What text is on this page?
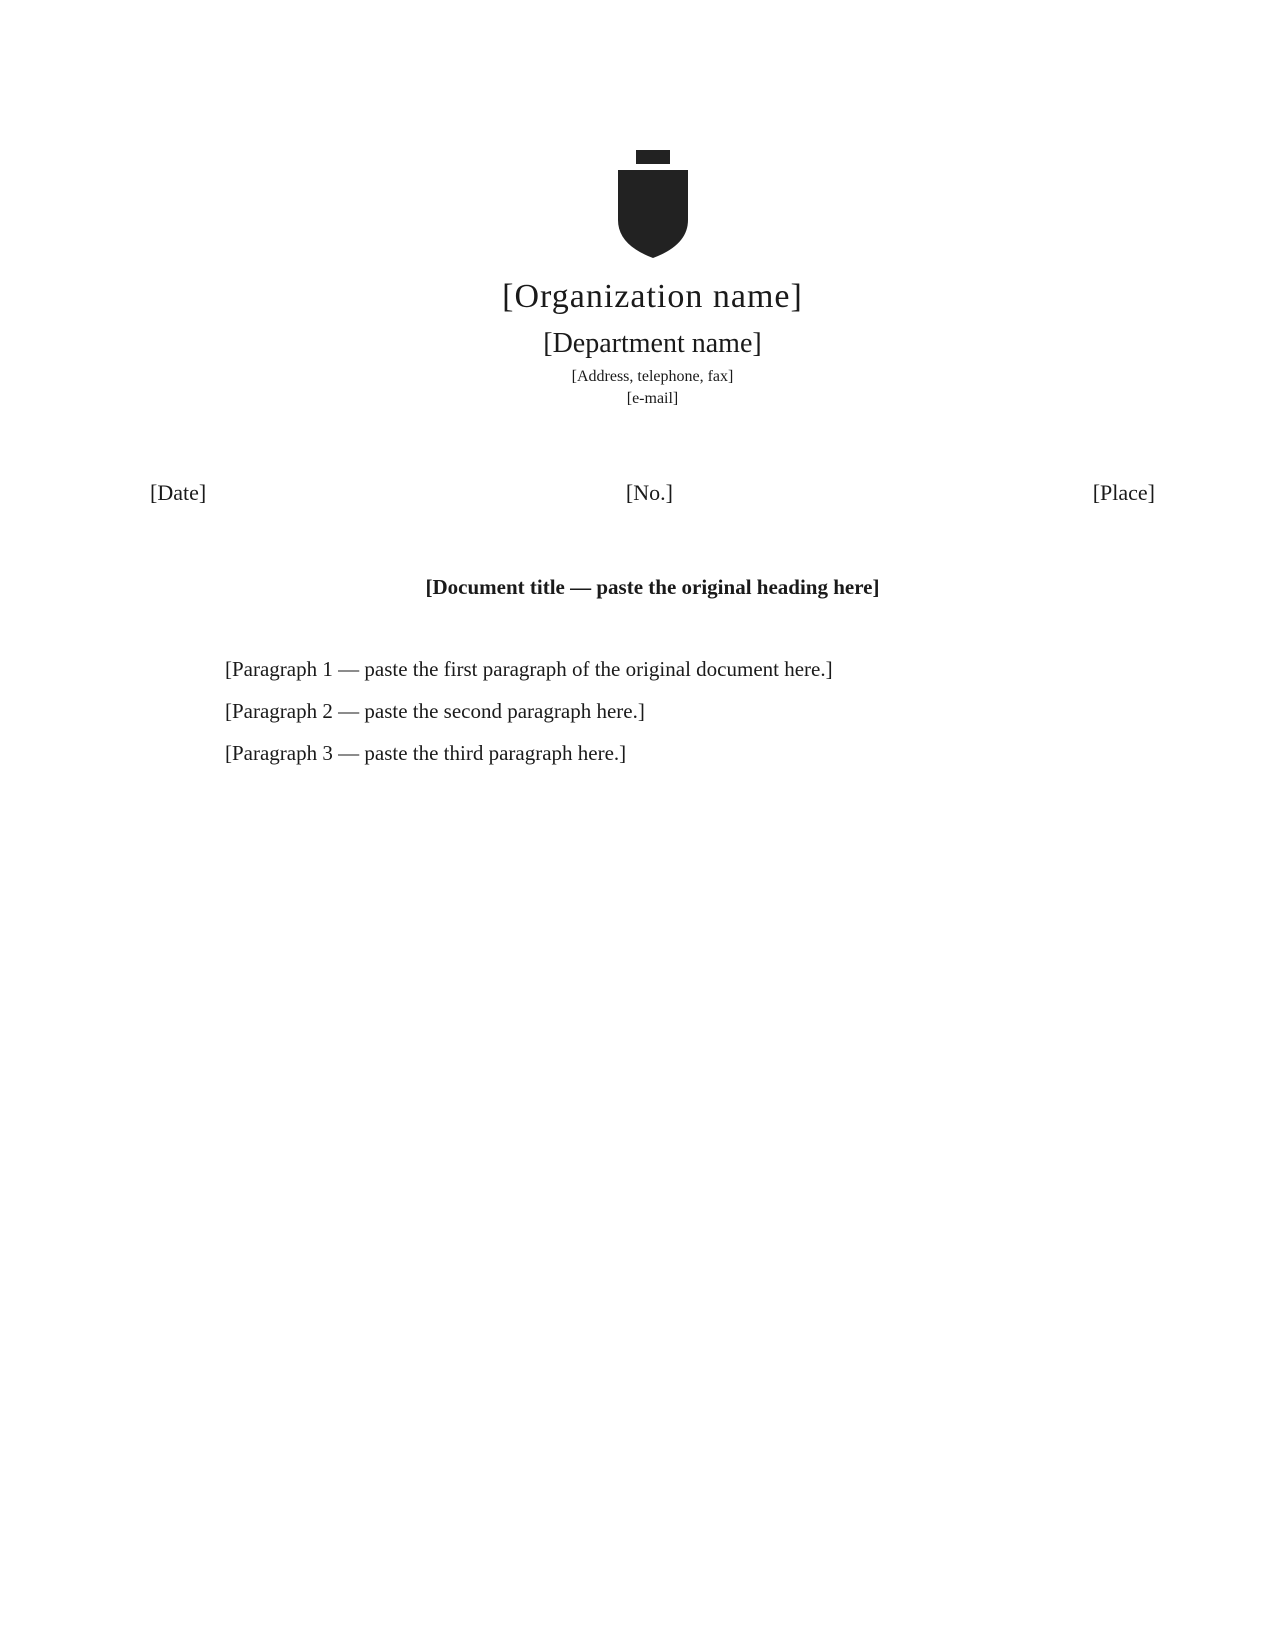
[Organization name]
[Department name]

[Address, telephone, fax]

[e-mail]

[Date]	[No.]	[Place]
[Document title — paste the original heading here]

[Paragraph 1 — paste the first paragraph of the original document here.]

[Paragraph 2 — paste the second paragraph here.]

[Paragraph 3 — paste the third paragraph here.]
